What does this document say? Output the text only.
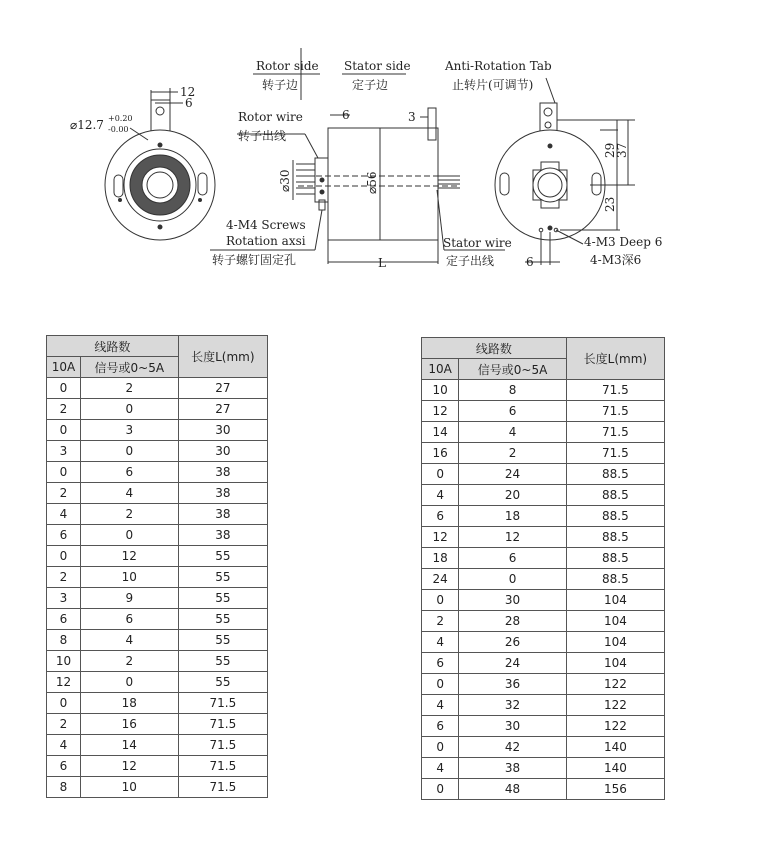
Rotor side
转子边
Stator side
定子边
Anti-Rotation Tab
止转片(可调节)
Rotor wire
转子出线
4-M4 Screws
Rotation axsi
转子螺钉固定孔
Stator wire
定子出线
4-M3 Deep 6
4-M3深6
⌀12.7 +0.20
-0.00
12
6
6	3
⌀30	⌀56
L
29
37
23
6
线路数		长度L(mm)
10A	信号或0~5A	
0	2	27
2	0	27
0	3	30
3	0	30
0	6	38
2	4	38
4	2	38
6	0	38
0	12	55
2	10	55
3	9	55
6	6	55
8	4	55
10	2	55
12	0	55
0	18	71.5
2	16	71.5
4	14	71.5
6	12	71.5
8	10	71.5
线路数		长度L(mm)
10A	信号或0~5A	
10	8	71.5
12	6	71.5
14	4	71.5
16	2	71.5
0	24	88.5
4	20	88.5
6	18	88.5
12	12	88.5
18	6	88.5
24	0	88.5
0	30	104
2	28	104
4	26	104
6	24	104
0	36	122
4	32	122
6	30	122
0	42	140
4	38	140
0	48	156
